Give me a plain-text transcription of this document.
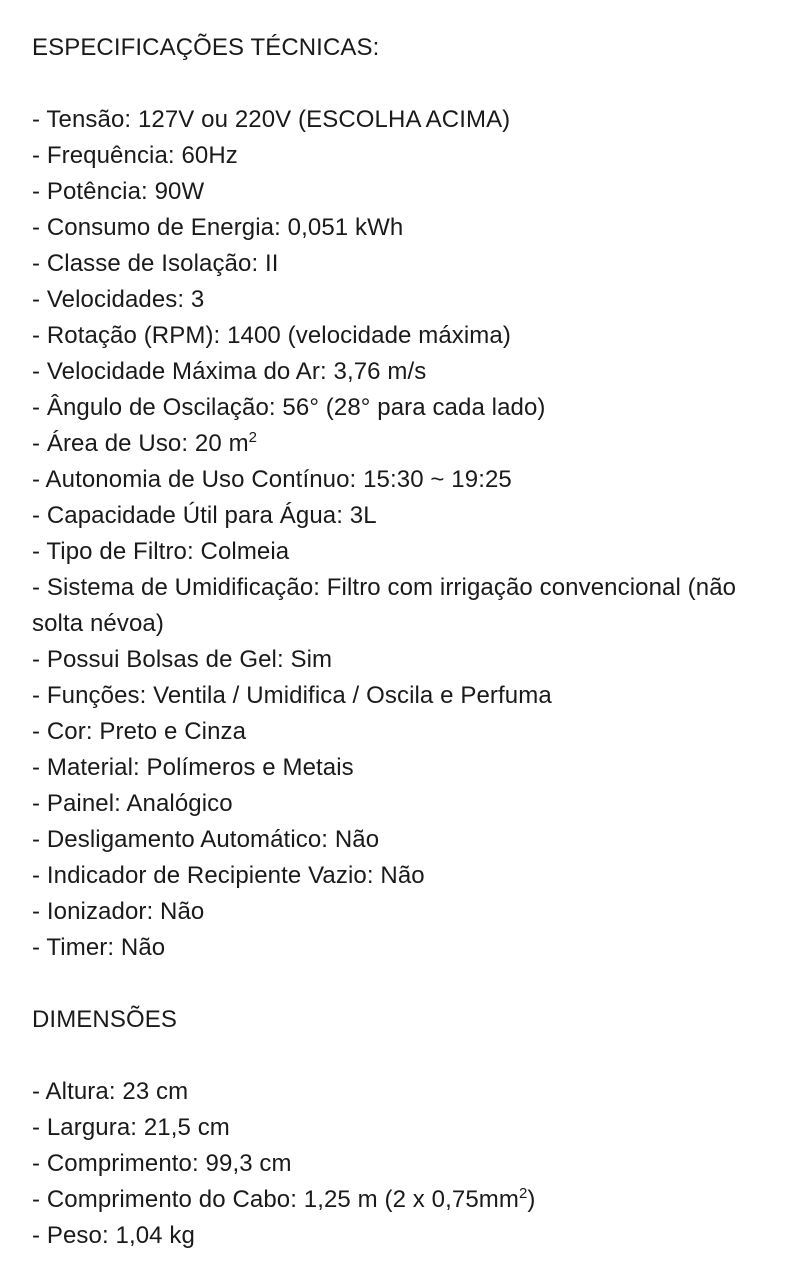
ESPECIFICAÇÕES TÉCNICAS:
- Tensão: 127V ou 220V (ESCOLHA ACIMA)
- Frequência: 60Hz
- Potência: 90W
- Consumo de Energia: 0,051 kWh
- Classe de Isolação: II
- Velocidades: 3
- Rotação (RPM): 1400 (velocidade máxima)
- Velocidade Máxima do Ar: 3,76 m/s
- Ângulo de Oscilação: 56° (28° para cada lado)
- Área de Uso: 20 $m^2$
- Autonomia de Uso Contínuo: 15:30 ~ 19:25
- Capacidade Útil para Água: 3L
- Tipo de Filtro: Colmeia
- Sistema de Umidificação: Filtro com irrigação convencional (não solta névoa)
- Possui Bolsas de Gel: Sim
- Funções: Ventila / Umidifica / Oscila e Perfuma
- Cor: Preto e Cinza
- Material: Polímeros e Metais
- Painel: Analógico
- Desligamento Automático: Não
- Indicador de Recipiente Vazio: Não
- Ionizador: Não
- Timer: Não
DIMENSÕES
- Altura: 23 cm
- Largura: 21,5 cm
- Comprimento: 99,3 cm
- Comprimento do Cabo: 1,25 m (2 x $0,75mm^2$)
- Peso: 1,04 kg
